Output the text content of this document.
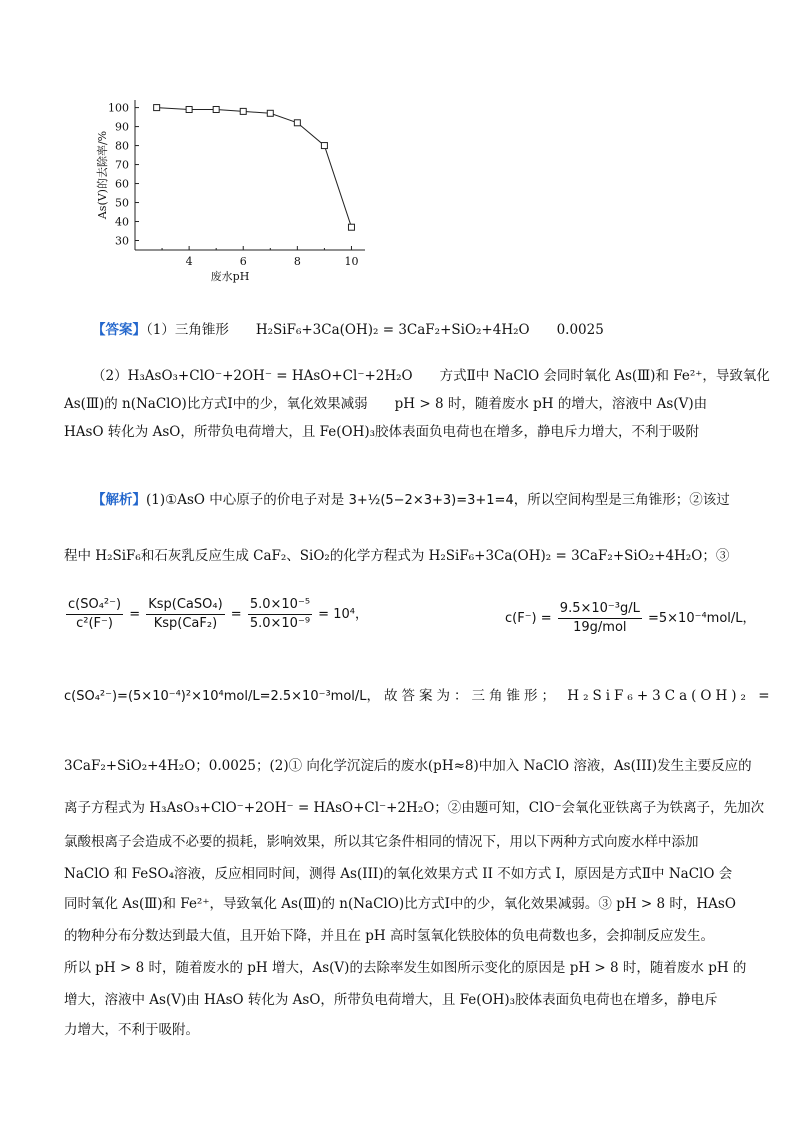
30
40
50
60
70
80
90
100
4	6	8	10
废水pH
As(Ⅴ)的去除率/%
【答案】（1）三角锥形　　H₂SiF₆+3Ca(OH)₂ = 3CaF₂+SiO₂+4H₂O　　0.0025
（2）H₃AsO₃+ClO⁻+2OH⁻ = HAsO+Cl⁻+2H₂O　　方式Ⅱ中 NaClO 会同时氧化 As(Ⅲ)和 Fe²⁺，导致氧化
As(Ⅲ)的 n(NaClO)比方式Ⅰ中的少，氧化效果减弱　　pH > 8 时，随着废水 pH 的增大，溶液中 As(Ⅴ)由
HAsO 转化为 AsO，所带负电荷增大，且 Fe(OH)₃胶体表面负电荷也在增多，静电斥力增大，不利于吸附
【解析】(1)①AsO 中心原子的价电子对是 3+½(5−2×3+3)=3+1=4，所以空间构型是三角锥形；②该过
程中 H₂SiF₆和石灰乳反应生成 CaF₂、SiO₂的化学方程式为 H₂SiF₆+3Ca(OH)₂ = 3CaF₂+SiO₂+4H₂O；③
$\frac{\text{c(SO₄²⁻)}}{\text{c²(F⁻)}} = \frac{\text{Ksp(CaSO₄)}}{\text{Ksp(CaF₂)}} = \frac{\text{5.0×10⁻⁵}}{\text{5.0×10⁻⁹}} = 10^4$，	$c(F^-) = \frac{\text{9.5×10⁻³g/L}}{\text{19g/mol}} =5\times 10^{-4}mol/L$，
c(SO₄²⁻)=(5×10⁻⁴)²×10⁴mol/L=2.5×10⁻³mol/L，故答案为：三角锥形； H₂SiF₆+3Ca(OH)₂ =
3CaF₂+SiO₂+4H₂O；0.0025；(2)① 向化学沉淀后的废水(pH≈8)中加入 NaClO 溶液，As(III)发生主要反应的
离子方程式为 H₃AsO₃+ClO⁻+2OH⁻ = HAsO+Cl⁻+2H₂O；②由题可知，ClO⁻会氧化亚铁离子为铁离子，先加次
氯酸根离子会造成不必要的损耗，影响效果，所以其它条件相同的情况下，用以下两种方式向废水样中添加
NaClO 和 FeSO₄溶液，反应相同时间，测得 As(III)的氧化效果方式 II 不如方式 I，原因是方式Ⅱ中 NaClO 会
同时氧化 As(Ⅲ)和 Fe²⁺，导致氧化 As(Ⅲ)的 n(NaClO)比方式Ⅰ中的少，氧化效果减弱。③ pH > 8 时，HAsO
的物种分布分数达到最大值，且开始下降，并且在 pH 高时氢氧化铁胶体的负电荷数也多，会抑制反应发生。
所以 pH > 8 时，随着废水的 pH 增大，As(V)的去除率发生如图所示变化的原因是 pH > 8 时，随着废水 pH 的
增大，溶液中 As(Ⅴ)由 HAsO 转化为 AsO，所带负电荷增大，且 Fe(OH)₃胶体表面负电荷也在增多，静电斥
力增大，不利于吸附。
